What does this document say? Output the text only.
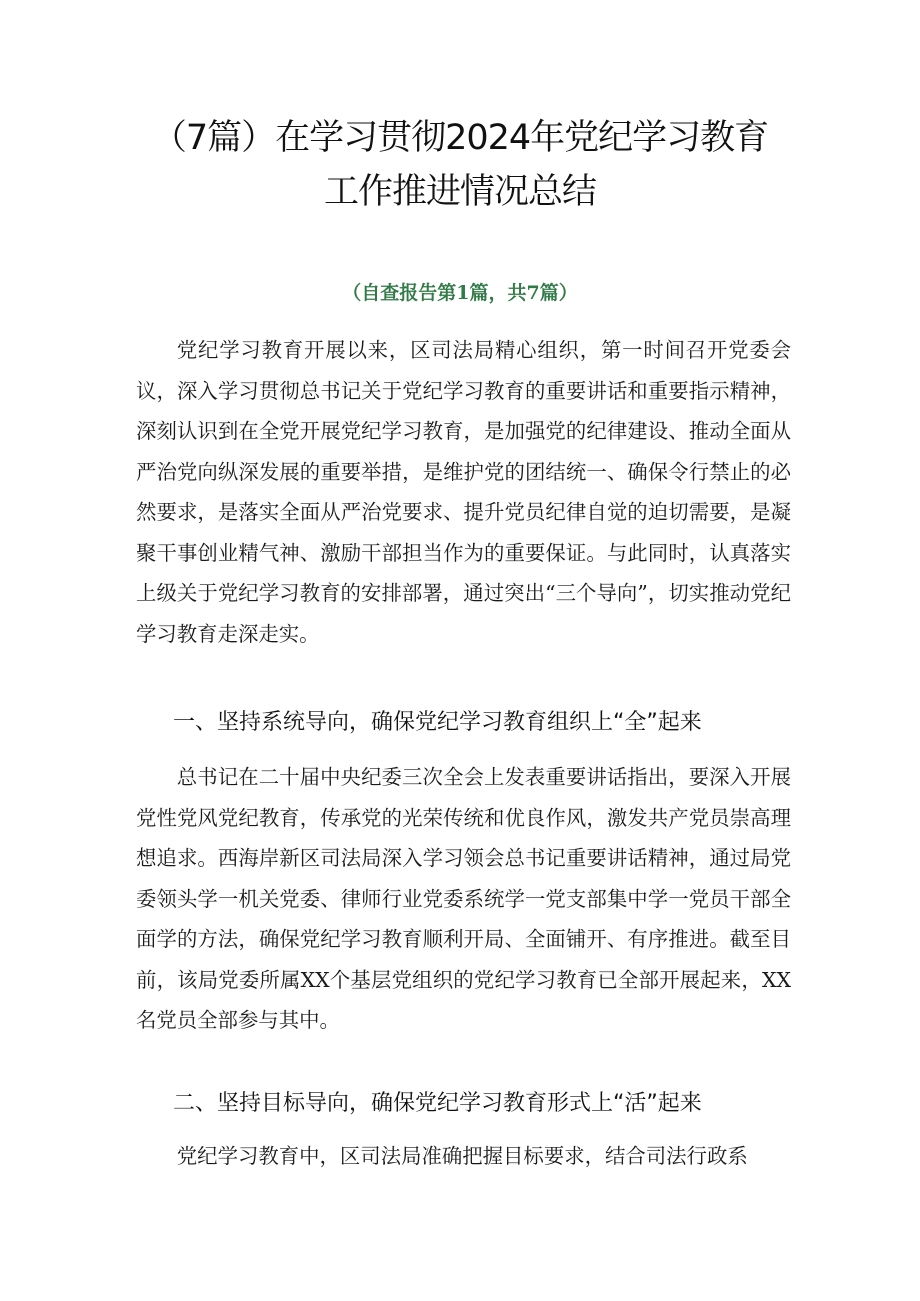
（7篇）在学习贯彻2024年党纪学习教育
工作推进情况总结
（自查报告第1篇，共7篇）

党纪学习教育开展以来，区司法局精心组织，第一时间召开党委会议，深入学习贯彻总书记关于党纪学习教育的重要讲话和重要指示精神，深刻认识到在全党开展党纪学习教育，是加强党的纪律建设、推动全面从严治党向纵深发展的重要举措，是维护党的团结统一、确保令行禁止的必然要求，是落实全面从严治党要求、提升党员纪律自觉的迫切需要，是凝聚干事创业精气神、激励干部担当作为的重要保证。与此同时，认真落实上级关于党纪学习教育的安排部署，通过突出“三个导向”，切实推动党纪学习教育走深走实。

一、坚持系统导向，确保党纪学习教育组织上“全”起来

总书记在二十届中央纪委三次全会上发表重要讲话指出，要深入开展党性党风党纪教育，传承党的光荣传统和优良作风，激发共产党员崇高理想追求。西海岸新区司法局深入学习领会总书记重要讲话精神，通过局党委领头学一机关党委、律师行业党委系统学一党支部集中学一党员干部全面学的方法，确保党纪学习教育顺利开局、全面铺开、有序推进。截至目前，该局党委所属XX个基层党组织的党纪学习教育已全部开展起来，XX名党员全部参与其中。

二、坚持目标导向，确保党纪学习教育形式上“活”起来

党纪学习教育中，区司法局准确把握目标要求，结合司法行政系
